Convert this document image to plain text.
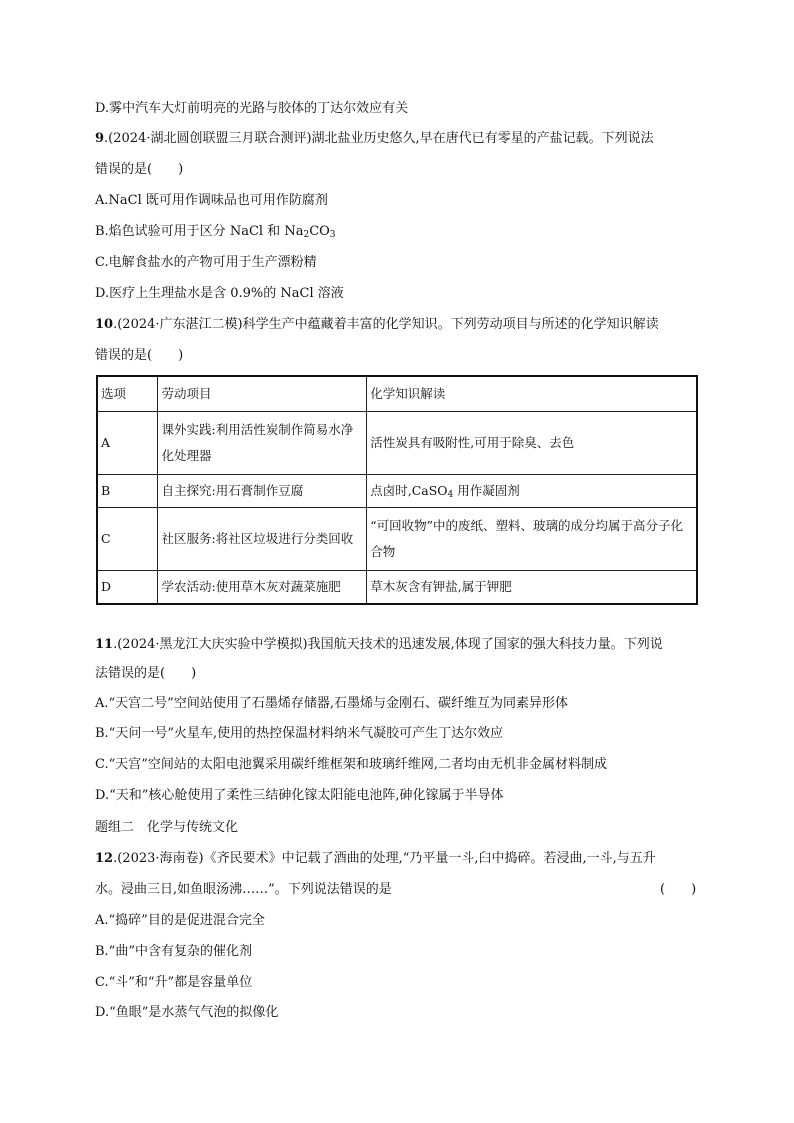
D.雾中汽车大灯前明亮的光路与胶体的丁达尔效应有关
9.(2024·湖北圆创联盟三月联合测评)湖北盐业历史悠久,早在唐代已有零星的产盐记载。下列说法
错误的是(　　)
A.NaCl 既可用作调味品也可用作防腐剂
B.焰色试验可用于区分 NaCl 和 $Na_2CO_3$
C.电解食盐水的产物可用于生产漂粉精
D.医疗上生理盐水是含 0.9%的 NaCl 溶液
10.(2024·广东湛江二模)科学生产中蕴藏着丰富的化学知识。下列劳动项目与所述的化学知识解读
错误的是(　　)
选项	劳动项目	化学知识解读
A	课外实践:利用活性炭制作简易水净化处理器	活性炭具有吸附性,可用于除臭、去色
B	自主探究:用石膏制作豆腐	点卤时,CaSO$_4$ 用作凝固剂
C	社区服务:将社区垃圾进行分类回收	“可回收物”中的废纸、塑料、玻璃的成分均属于高分子化合物
D	学农活动:使用草木灰对蔬菜施肥	草木灰含有钾盐,属于钾肥
11.(2024·黑龙江大庆实验中学模拟)我国航天技术的迅速发展,体现了国家的强大科技力量。下列说
法错误的是(　　)
A.“天宫二号”空间站使用了石墨烯存储器,石墨烯与金刚石、碳纤维互为同素异形体
B.“天问一号”火星车,使用的热控保温材料纳米气凝胶可产生丁达尔效应
C.“天宫”空间站的太阳电池翼采用碳纤维框架和玻璃纤维网,二者均由无机非金属材料制成
D.“天和”核心舱使用了柔性三结砷化镓太阳能电池阵,砷化镓属于半导体
题组二　化学与传统文化
12.(2023·海南卷)《齐民要术》中记载了酒曲的处理,“乃平量一斗,臼中捣碎。若浸曲,一斗,与五升
水。浸曲三日,如鱼眼汤沸……”。下列说法错误的是	(　　)
A.“捣碎”目的是促进混合完全
B.“曲”中含有复杂的催化剂
C.“斗”和“升”都是容量单位
D.“鱼眼”是水蒸气气泡的拟像化
